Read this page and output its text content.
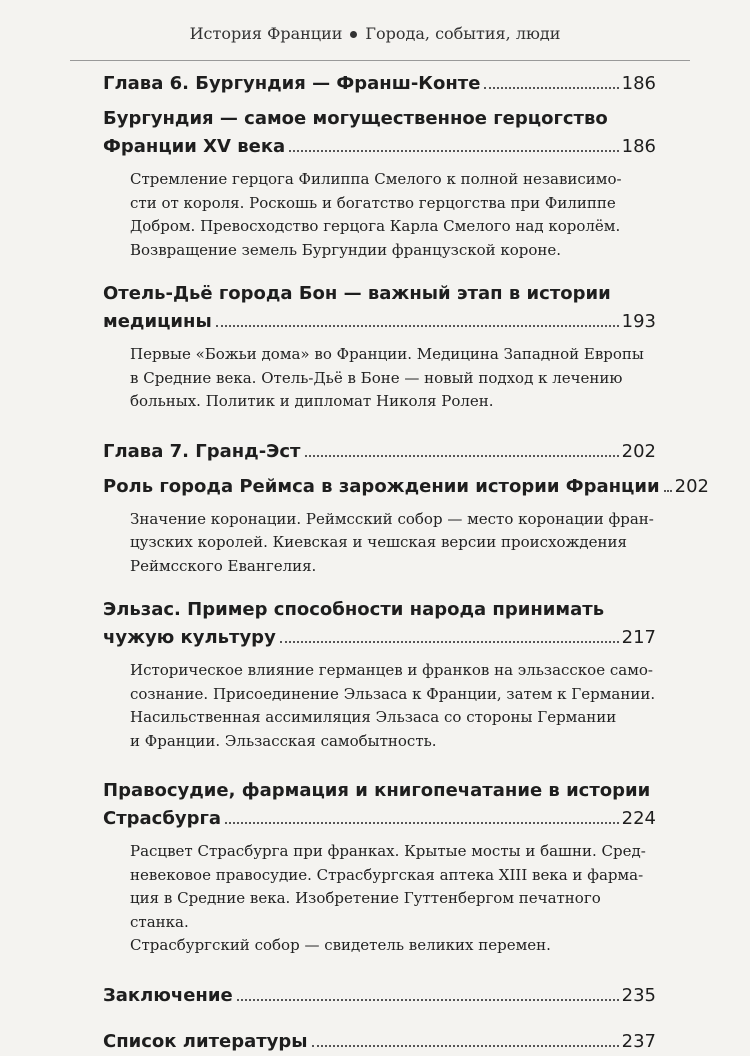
История Франции Города, события, люди
Глава 6. Бургундия — Франш-Конте	186
Бургундия — самое могущественное герцогство
Франции XV века	186
Стремление герцога Филиппа Смелого к полной независимо-
сти от короля. Роскошь и богатство герцогства при Филиппе
Добром. Превосходство герцога Карла Смелого над королём.
Возвращение земель Бургундии французской короне.
Отель-Дьё города Бон — важный этап в истории
медицины	193
Первые «Божьи дома» во Франции. Медицина Западной Европы
в Средние века. Отель-Дьё в Боне — новый подход к лечению
больных. Политик и дипломат Николя Ролен.
Глава 7. Гранд-Эст	202
Роль города Реймса в зарождении истории Франции 202
Значение коронации. Реймсский собор — место коронации фран-
цузских королей. Киевская и чешская версии происхождения
Реймсского Евангелия.
Эльзас. Пример способности народа принимать
чужую культуру	217
Историческое влияние германцев и франков на эльзасское само-
сознание. Присоединение Эльзаса к Франции, затем к Германии.
Насильственная ассимиляция Эльзаса со стороны Германии
и Франции. Эльзасская самобытность.
Правосудие, фармация и книгопечатание в истории
Страсбурга	224
Расцвет Страсбурга при франках. Крытые мосты и башни. Сред-
невековое правосудие. Страсбургская аптека XIII века и фарма-
ция в Средние века. Изобретение Гуттенбергом печатного станка.
Страсбургский собор — свидетель великих перемен.
Заключение	235
Список литературы	237
